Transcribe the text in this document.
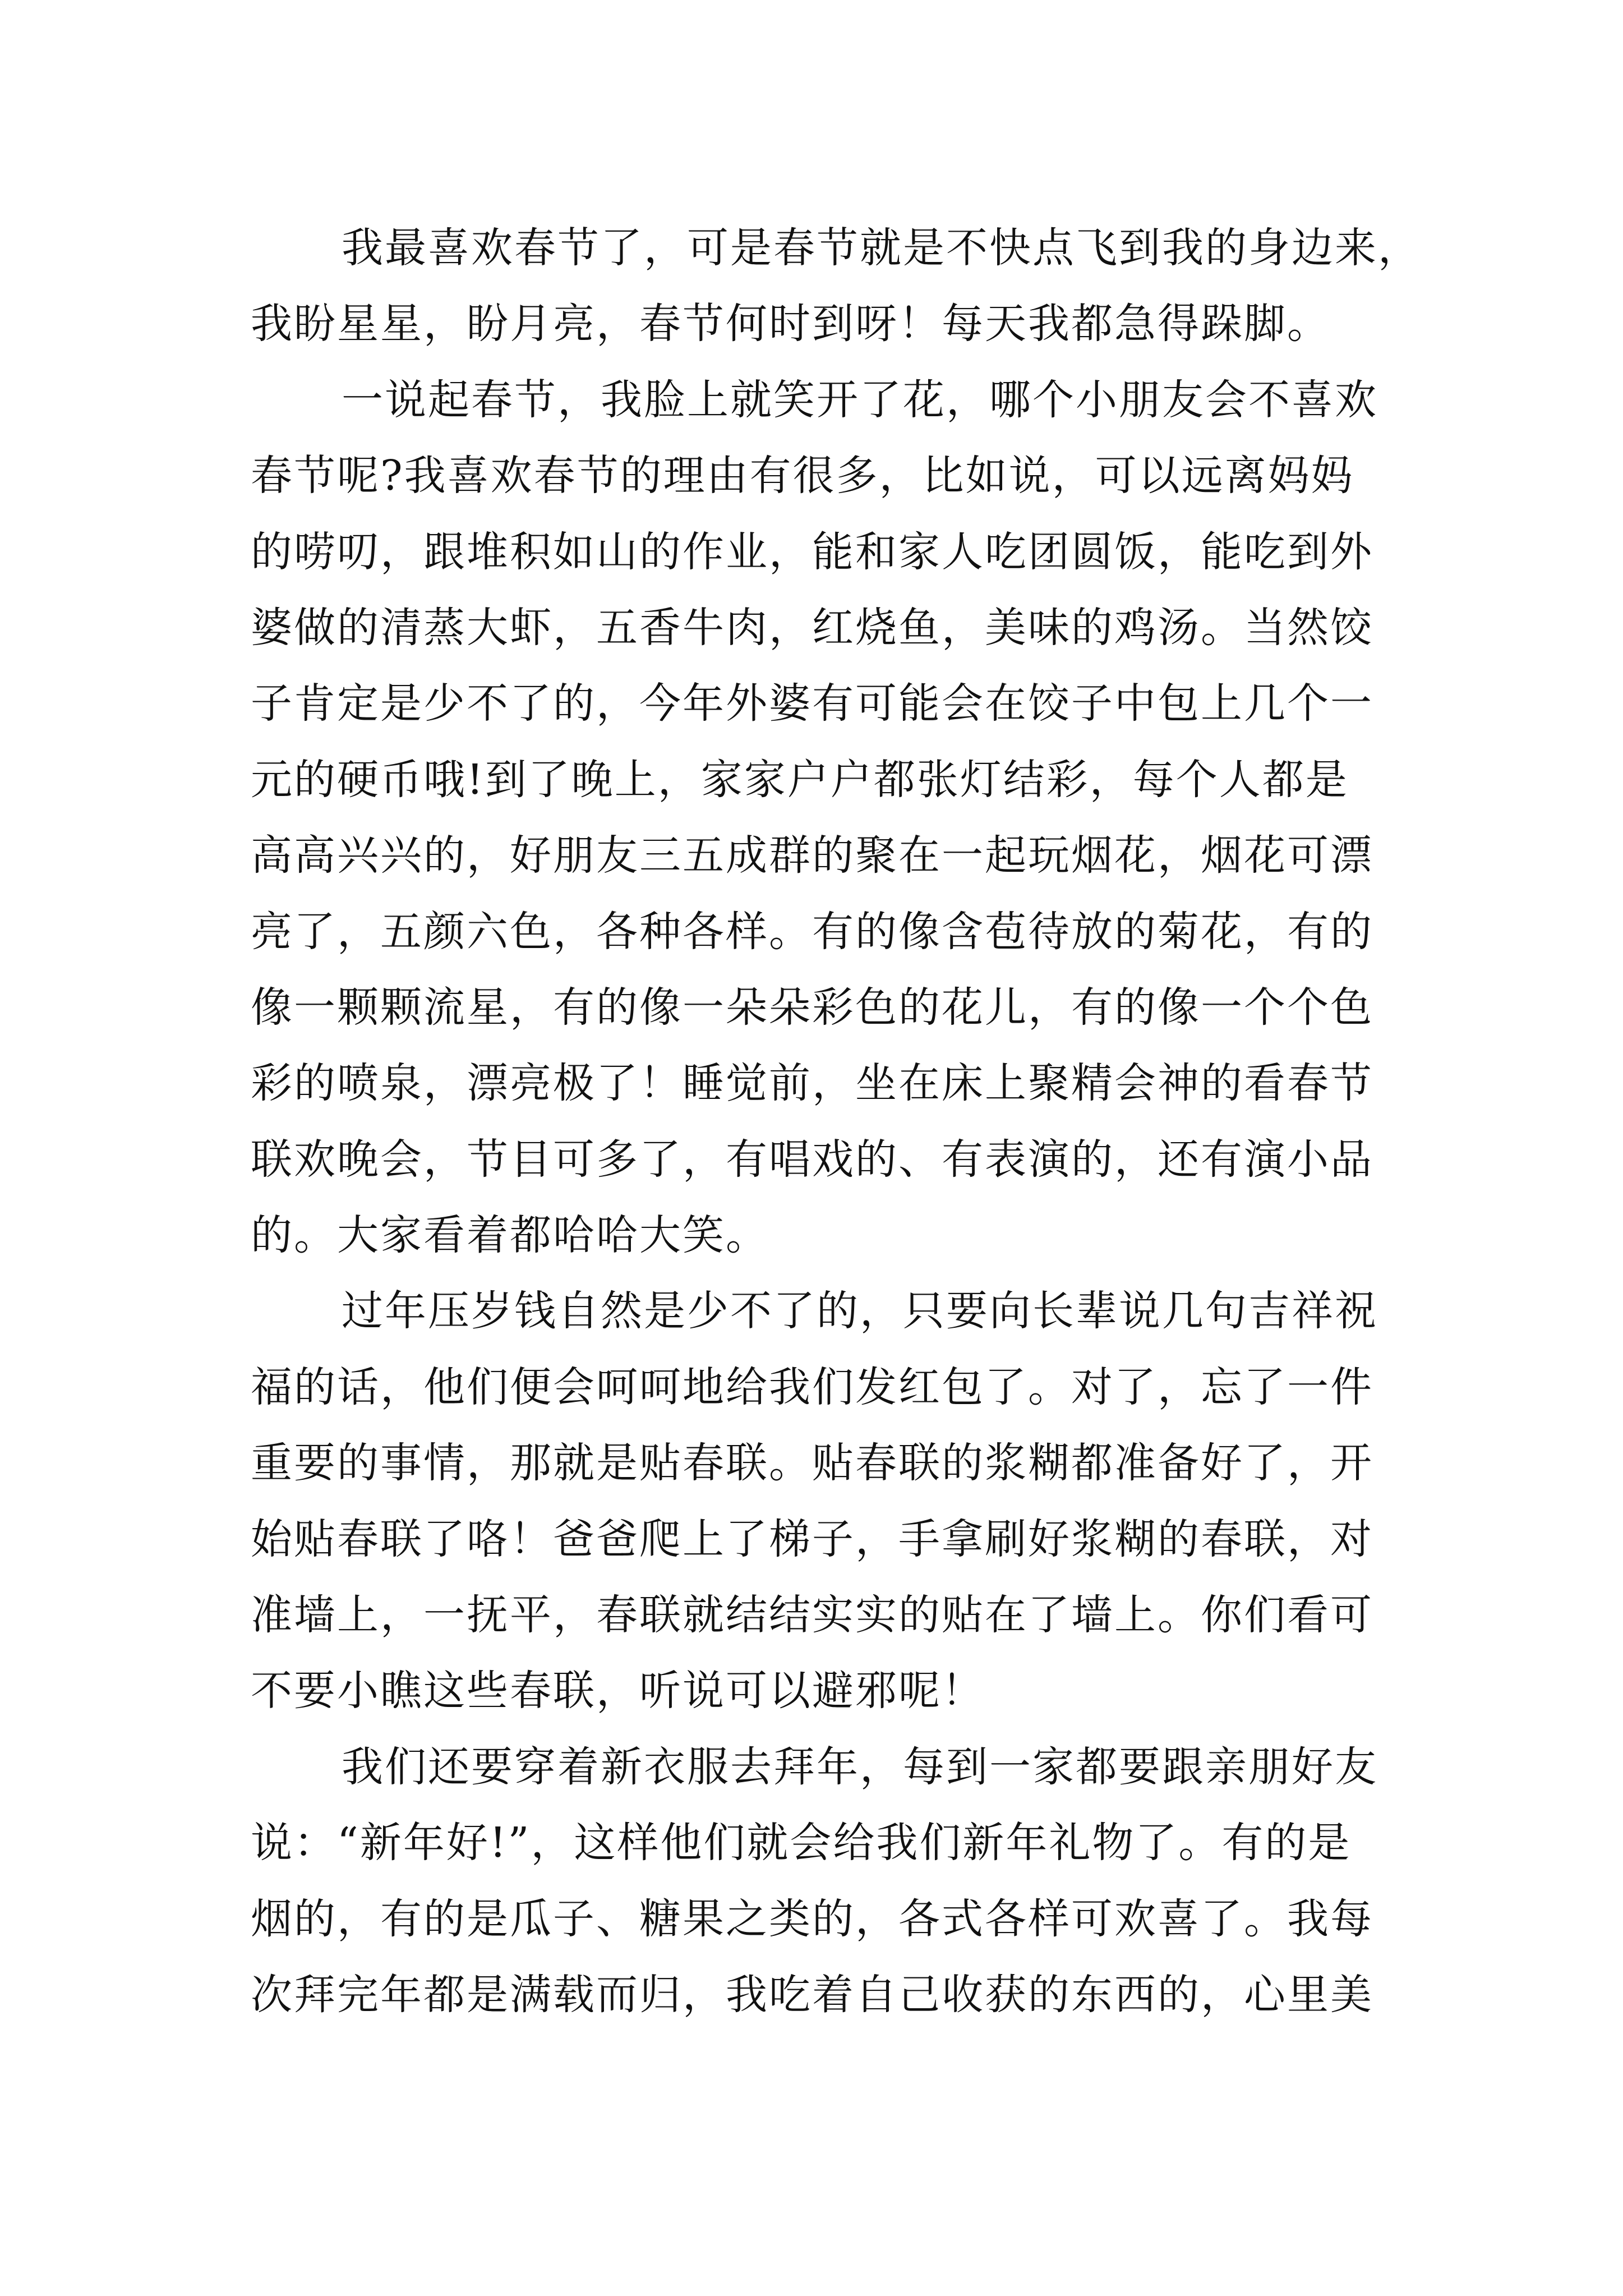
我最喜欢春节了，可是春节就是不快点飞到我的身边来，
我盼星星，盼月亮，春节何时到呀！每天我都急得跺脚。
一说起春节，我脸上就笑开了花，哪个小朋友会不喜欢
春节呢?我喜欢春节的理由有很多，比如说，可以远离妈妈
的唠叨，跟堆积如山的作业，能和家人吃团圆饭，能吃到外
婆做的清蒸大虾，五香牛肉，红烧鱼，美味的鸡汤。当然饺
子肯定是少不了的，今年外婆有可能会在饺子中包上几个一
元的硬币哦!到了晚上，家家户户都张灯结彩，每个人都是
高高兴兴的，好朋友三五成群的聚在一起玩烟花，烟花可漂
亮了，五颜六色，各种各样。有的像含苞待放的菊花，有的
像一颗颗流星，有的像一朵朵彩色的花儿，有的像一个个色
彩的喷泉，漂亮极了！睡觉前，坐在床上聚精会神的看春节
联欢晚会，节目可多了，有唱戏的、有表演的，还有演小品
的。大家看着都哈哈大笑。
过年压岁钱自然是少不了的，只要向长辈说几句吉祥祝
福的话，他们便会呵呵地给我们发红包了。对了，忘了一件
重要的事情，那就是贴春联。贴春联的浆糊都准备好了，开
始贴春联了咯！爸爸爬上了梯子，手拿刷好浆糊的春联，对
准墙上，一抚平，春联就结结实实的贴在了墙上。你们看可
不要小瞧这些春联，听说可以避邪呢！
我们还要穿着新衣服去拜年，每到一家都要跟亲朋好友
说：“新年好!”，这样他们就会给我们新年礼物了。有的是
烟的，有的是瓜子、糖果之类的，各式各样可欢喜了。我每
次拜完年都是满载而归，我吃着自己收获的东西的，心里美
